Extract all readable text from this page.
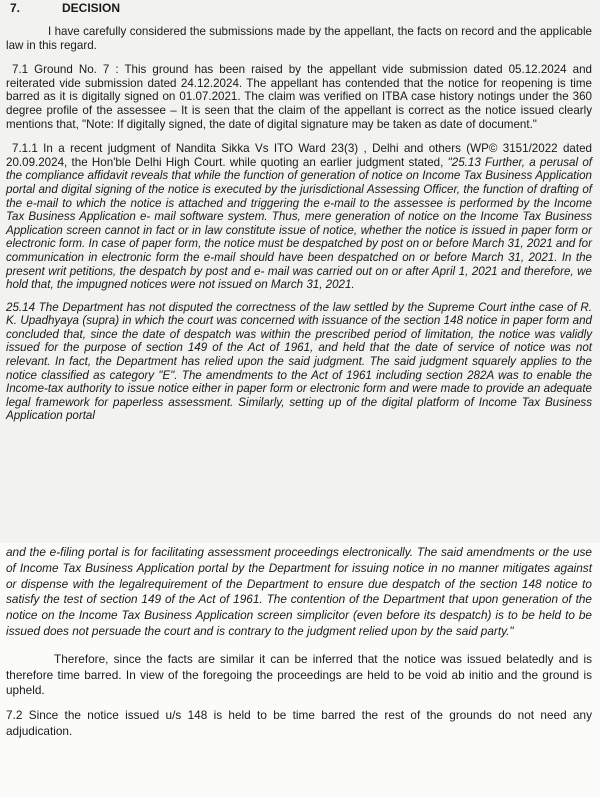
7.	DECISION

I have carefully considered the submissions made by the appellant, the facts on record and the applicable law in this regard.

7.1 Ground No. 7 : This ground has been raised by the appellant vide submission dated 05.12.2024 and reiterated vide submission dated 24.12.2024. The appellant has contended that the notice for reopening is time barred as it is digitally signed on 01.07.2021. The claim was verified on ITBA case history notings under the 360 degree profile of the assessee – It is seen that the claim of the appellant is correct as the notice issued clearly mentions that, "Note: If digitally signed, the date of digital signature may be taken as date of document."

7.1.1 In a recent judgment of Nandita Sikka Vs ITO Ward 23(3) , Delhi and others (WP© 3151/2022 dated 20.09.2024, the Hon'ble Delhi High Court. while quoting an earlier judgment stated, "25.13 Further, a perusal of the compliance affidavit reveals that while the function of generation of notice on Income Tax Business Application portal and digital signing of the notice is executed by the jurisdictional Assessing Officer, the function of drafting of the e-mail to which the notice is attached and triggering the e-mail to the assessee is performed by the Income Tax Business Application e- mail software system. Thus, mere generation of notice on the Income Tax Business Application screen cannot in fact or in law constitute issue of notice, whether the notice is issued in paper form or electronic form. In case of paper form, the notice must be despatched by post on or before March 31, 2021 and for communication in electronic form the e-mail should have been despatched on or before March 31, 2021. In the present writ petitions, the despatch by post and e- mail was carried out on or after April 1, 2021 and therefore, we hold that, the impugned notices were not issued on March 31, 2021.

25.14 The Department has not disputed the correctness of the law settled by the Supreme Court inthe case of R. K. Upadhyaya (supra) in which the court was concerned with issuance of the section 148 notice in paper form and concluded that, since the date of despatch was within the prescribed period of limitation, the notice was validly issued for the purpose of section 149 of the Act of 1961, and held that the date of service of notice was not relevant. In fact, the Department has relied upon the said judgment. The said judgment squarely applies to the notice classified as category "E". The amendments to the Act of 1961 including section 282A was to enable the Income-tax authority to issue notice either in paper form or electronic form and were made to provide an adequate legal framework for paperless assessment. Similarly, setting up of the digital platform of Income Tax Business Application portal

and the e-filing portal is for facilitating assessment proceedings electronically. The said amendments or the use of Income Tax Business Application portal by the Department for issuing notice in no manner mitigates against or dispense with the legalrequirement of the Department to ensure due despatch of the section 148 notice to satisfy the test of section 149 of the Act of 1961. The contention of the Department that upon generation of the notice on the Income Tax Business Application screen simplicitor (even before its despatch) is to be held to be issued does not persuade the court and is contrary to the judgment relied upon by the said party."

Therefore, since the facts are similar it can be inferred that the notice was issued belatedly and is therefore time barred. In view of the foregoing the proceedings are held to be void ab initio and the ground is upheld.

7.2 Since the notice issued u/s 148 is held to be time barred the rest of the grounds do not need any adjudication.
